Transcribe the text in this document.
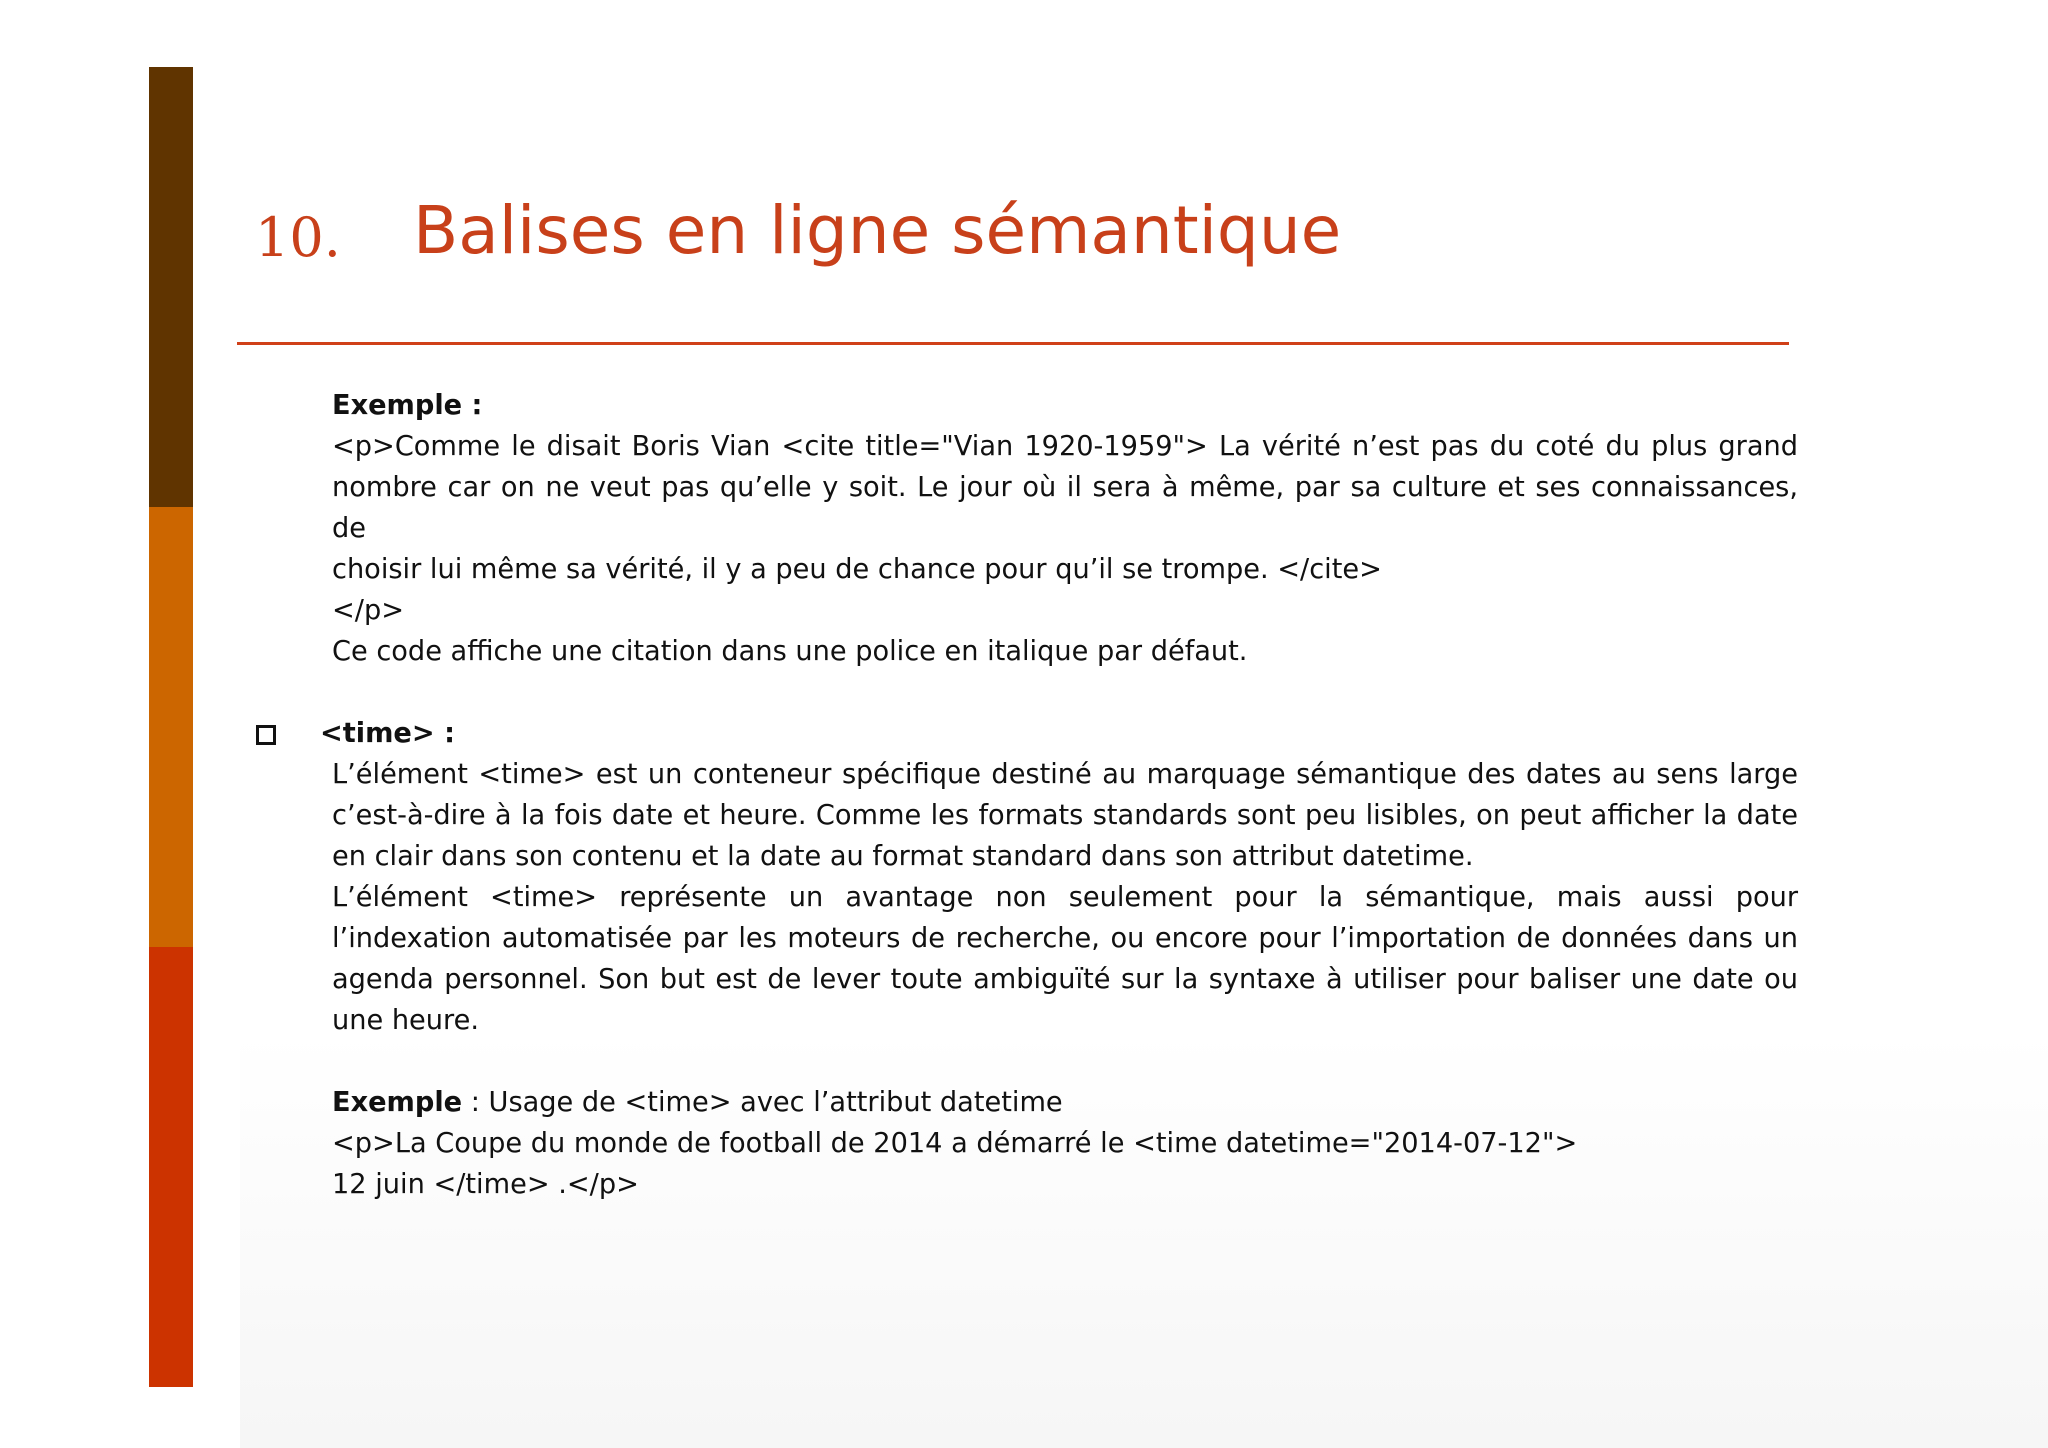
10. Balises en ligne sémantique
Exemple :
<p>Comme le disait Boris Vian <cite title="Vian 1920-1959"> La vérité n’est pas du coté du plus grand
nombre car on ne veut pas qu’elle y soit. Le jour où il sera à même, par sa culture et ses connaissances, de
choisir lui même sa vérité, il y a peu de chance pour qu’il se trompe. </cite>
</p>
Ce code affiche une citation dans une police en italique par défaut.
<time> :
L’élément <time> est un conteneur spécifique destiné au marquage sémantique des dates au sens large
c’est-à-dire à la fois date et heure. Comme les formats standards sont peu lisibles, on peut afficher la date
en clair dans son contenu et la date au format standard dans son attribut datetime.
L’élément <time> représente un avantage non seulement pour la sémantique, mais aussi pour
l’indexation automatisée par les moteurs de recherche, ou encore pour l’importation de données dans un
agenda personnel. Son but est de lever toute ambiguïté sur la syntaxe à utiliser pour baliser une date ou
une heure.
Exemple : Usage de <time> avec l’attribut datetime
<p>La Coupe du monde de football de 2014 a démarré le <time datetime="2014-07-12">
12 juin </time> .</p>
